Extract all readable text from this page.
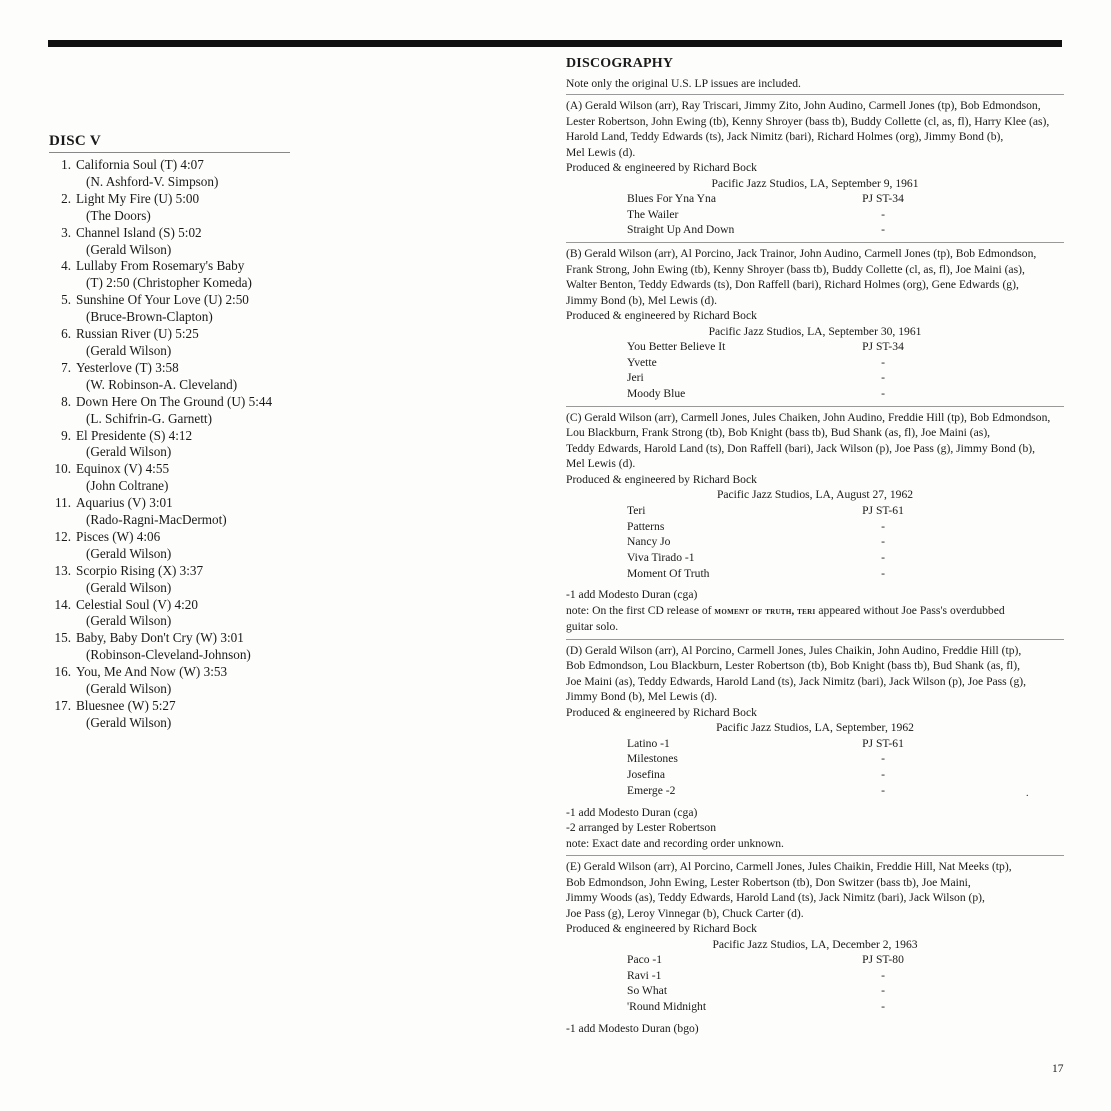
DISC V
1. California Soul (T) 4:07
(N. Ashford-V. Simpson)
2. Light My Fire (U) 5:00
(The Doors)
3. Channel Island (S) 5:02
(Gerald Wilson)
4. Lullaby From Rosemary's Baby
(T) 2:50 (Christopher Komeda)
5. Sunshine Of Your Love (U) 2:50
(Bruce-Brown-Clapton)
6. Russian River (U) 5:25
(Gerald Wilson)
7. Yesterlove (T) 3:58
(W. Robinson-A. Cleveland)
8. Down Here On The Ground (U) 5:44
(L. Schifrin-G. Garnett)
9. El Presidente (S) 4:12
(Gerald Wilson)
10. Equinox (V) 4:55
(John Coltrane)
11. Aquarius (V) 3:01
(Rado-Ragni-MacDermot)
12. Pisces (W) 4:06
(Gerald Wilson)
13. Scorpio Rising (X) 3:37
(Gerald Wilson)
14. Celestial Soul (V) 4:20
(Gerald Wilson)
15. Baby, Baby Don't Cry (W) 3:01
(Robinson-Cleveland-Johnson)
16. You, Me And Now (W) 3:53
(Gerald Wilson)
17. Bluesnee (W) 5:27
(Gerald Wilson)
DISCOGRAPHY
Note only the original U.S. LP issues are included.
(A) Gerald Wilson (arr), Ray Triscari, Jimmy Zito, John Audino, Carmell Jones (tp), Bob Edmondson,
Lester Robertson, John Ewing (tb), Kenny Shroyer (bass tb), Buddy Collette (cl, as, fl), Harry Klee (as),
Harold Land, Teddy Edwards (ts), Jack Nimitz (bari), Richard Holmes (org), Jimmy Bond (b),
Mel Lewis (d).
Produced & engineered by Richard Bock
Pacific Jazz Studios, LA, September 9, 1961
Blues For Yna Yna	PJ ST-34
The Wailer	-
Straight Up And Down	-
(B) Gerald Wilson (arr), Al Porcino, Jack Trainor, John Audino, Carmell Jones (tp), Bob Edmondson,
Frank Strong, John Ewing (tb), Kenny Shroyer (bass tb), Buddy Collette (cl, as, fl), Joe Maini (as),
Walter Benton, Teddy Edwards (ts), Don Raffell (bari), Richard Holmes (org), Gene Edwards (g),
Jimmy Bond (b), Mel Lewis (d).
Produced & engineered by Richard Bock
Pacific Jazz Studios, LA, September 30, 1961
You Better Believe It	PJ ST-34
Yvette	-
Jeri	-
Moody Blue	-
(C) Gerald Wilson (arr), Carmell Jones, Jules Chaiken, John Audino, Freddie Hill (tp), Bob Edmondson,
Lou Blackburn, Frank Strong (tb), Bob Knight (bass tb), Bud Shank (as, fl), Joe Maini (as),
Teddy Edwards, Harold Land (ts), Don Raffell (bari), Jack Wilson (p), Joe Pass (g), Jimmy Bond (b),
Mel Lewis (d).
Produced & engineered by Richard Bock
Pacific Jazz Studios, LA, August 27, 1962
Teri	PJ ST-61
Patterns	-
Nancy Jo	-
Viva Tirado -1	-
Moment Of Truth	-
-1 add Modesto Duran (cga)
note: On the first CD release of moment of truth, teri appeared without Joe Pass's overdubbed
guitar solo.
(D) Gerald Wilson (arr), Al Porcino, Carmell Jones, Jules Chaikin, John Audino, Freddie Hill (tp),
Bob Edmondson, Lou Blackburn, Lester Robertson (tb), Bob Knight (bass tb), Bud Shank (as, fl),
Joe Maini (as), Teddy Edwards, Harold Land (ts), Jack Nimitz (bari), Jack Wilson (p), Joe Pass (g),
Jimmy Bond (b), Mel Lewis (d).
Produced & engineered by Richard Bock
Pacific Jazz Studios, LA, September, 1962
Latino -1	PJ ST-61
Milestones	-
Josefina	-
Emerge -2	-
-1 add Modesto Duran (cga)
-2 arranged by Lester Robertson
note: Exact date and recording order unknown.
(E) Gerald Wilson (arr), Al Porcino, Carmell Jones, Jules Chaikin, Freddie Hill, Nat Meeks (tp),
Bob Edmondson, John Ewing, Lester Robertson (tb), Don Switzer (bass tb), Joe Maini,
Jimmy Woods (as), Teddy Edwards, Harold Land (ts), Jack Nimitz (bari), Jack Wilson (p),
Joe Pass (g), Leroy Vinnegar (b), Chuck Carter (d).
Produced & engineered by Richard Bock
Pacific Jazz Studios, LA, December 2, 1963
Paco -1	PJ ST-80
Ravi -1	-
So What	-
'Round Midnight	-
-1 add Modesto Duran (bgo)
.
17
